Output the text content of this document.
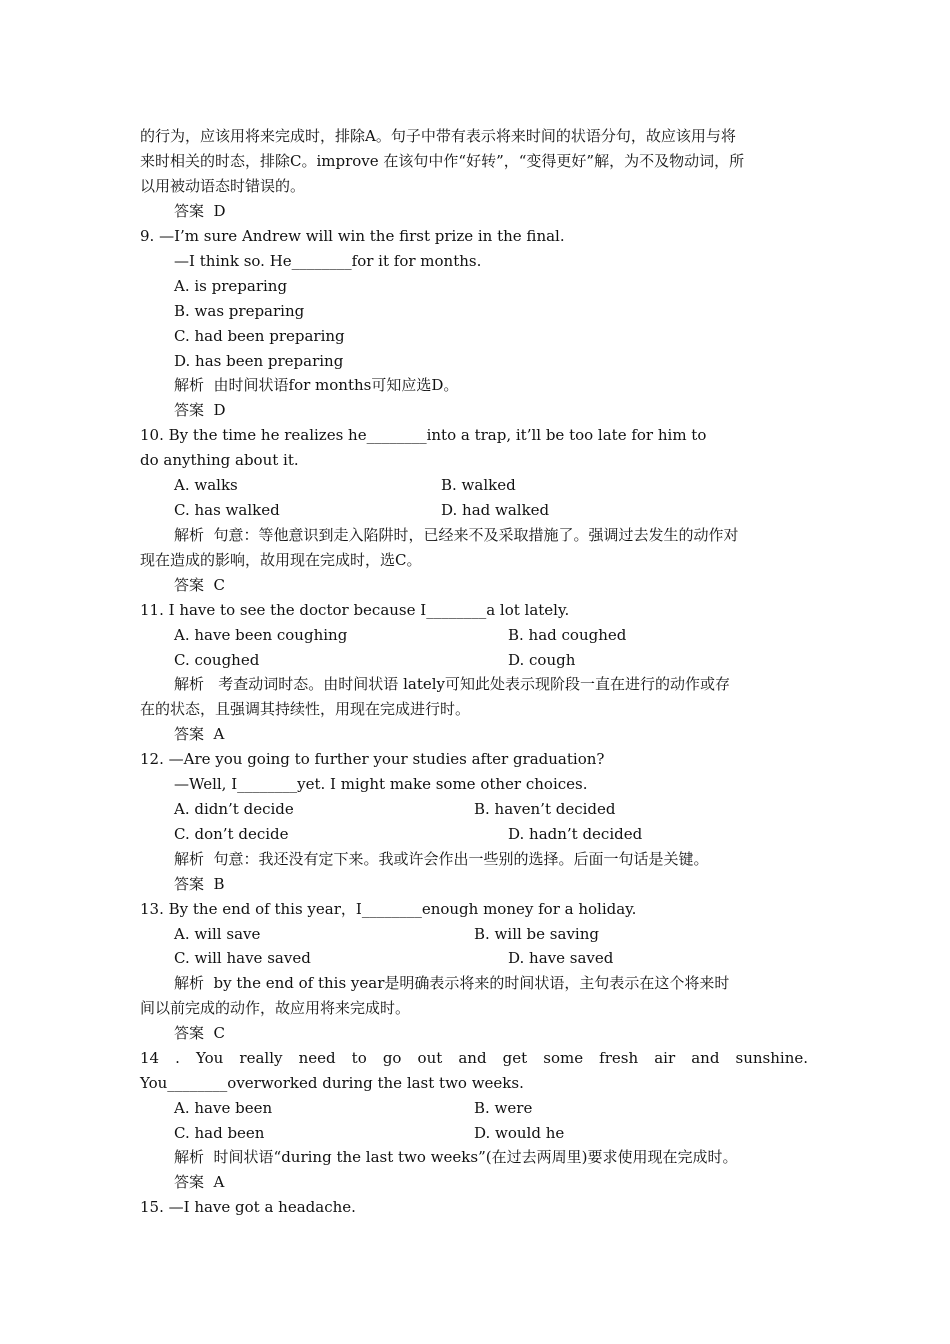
的行为，应该用将来完成时，排除A。句子中带有表示将来时间的状语分句，故应该用与将
来时相关的时态，排除C。improve 在该句中作“好转”，“变得更好”解，为不及物动词，所
以用被动语态时错误的。
答案  D
9. —I’m sure Andrew will win the first prize in the final.
—I think so. He________for it for months.
A. is preparing
B. was preparing
C. had been preparing
D. has been preparing
解析  由时间状语for months可知应选D。
答案  D
10. By the time he realizes he________into a trap, it’ll be too late for him to
do anything about it.
A. walks	B. walked
C. has walked	D. had walked
解析  句意：等他意识到走入陷阱时，已经来不及采取措施了。强调过去发生的动作对
现在造成的影响，故用现在完成时，选C。
答案  C
11. I have to see the doctor because I________a lot lately.
A. have been coughing	B. had coughed
C. coughed	D. cough
解析   考查动词时态。由时间状语 lately可知此处表示现阶段一直在进行的动作或存
在的状态，且强调其持续性，用现在完成进行时。
答案  A
12. —Are you going to further your studies after graduation?
—Well, I________yet. I might make some other choices.
A. didn’t decide	B. haven’t decided
C. don’t decide	D. hadn’t decided
解析  句意：我还没有定下来。我或许会作出一些别的选择。后面一句话是关键。
答案  B
13. By the end of this year，I________enough money for a holiday.
A. will save	B. will be saving
C. will have saved	D. have saved
解析  by the end of this year是明确表示将来的时间状语，主句表示在这个将来时
间以前完成的动作，故应用将来完成时。
答案  C
14 . You really need to go out and get some fresh air and sunshine.
You________overworked during the last two weeks.
A. have been	B. were
C. had been	D. would he
解析  时间状语“during the last two weeks”(在过去两周里)要求使用现在完成时。
答案  A
15. —I have got a headache.
